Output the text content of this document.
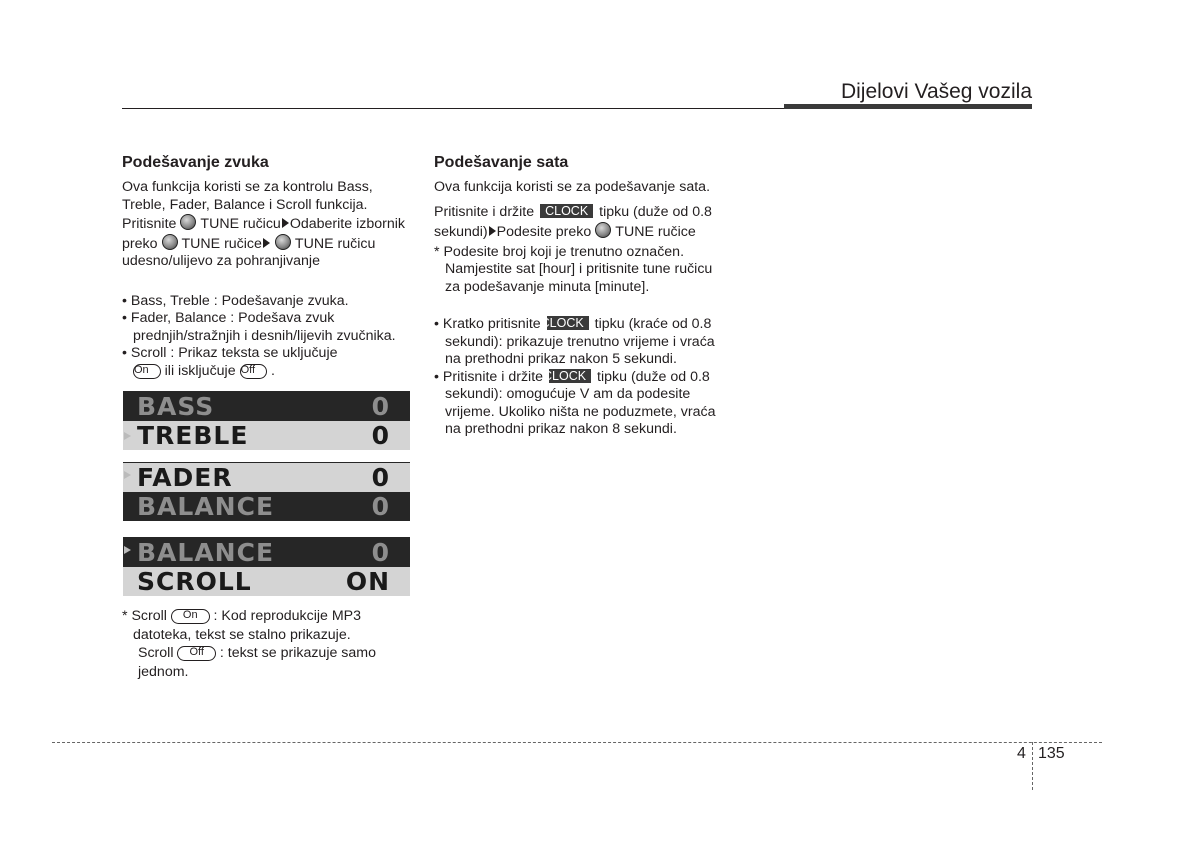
Dijelovi Vašeg vozila
Podešavanje zvuka

Ova funkcija koristi se za kontrolu Bass, Treble, Fader, Balance i Scroll funkcija.

Pritisnite TUNE ručicu Odaberite izbornik preko TUNE ručice TUNE ručicu udesno/ulijevo za pohranjivanje

• Bass, Treble : Podešavanje zvuka.

• Fader, Balance : Podešava zvuk prednjih/stražnjih i desnih/lijevih zvučnika.

• Scroll : Prikaz teksta se uključuje
On ili isključuje Off .

BASS	0
TREBLE	0
FADER	0
BALANCE	0
BALANCE	0
SCROLL	ON

* Scroll On : Kod reprodukcije MP3

datoteka, tekst se stalno prikazuje.

Scroll Off : tekst se prikazuje samo

jednom.

Podešavanje sata

Ova funkcija koristi se za podešavanje sata.

Pritisnite i držite CLOCK tipku (duže od 0.8 sekundi) Podesite preko TUNE ručice

* Podesite broj koji je trenutno označen. Namjestite sat [hour] i pritisnite tune ručicu za podešavanje minuta [minute].

• Kratko pritisnite CLOCK tipku (kraće od 0.8 sekundi): prikazuje trenutno vrijeme i vraća na prethodni prikaz nakon 5 sekundi.

• Pritisnite i držite CLOCK tipku (duže od 0.8 sekundi): omogućuje V am da podesite vrijeme. Ukoliko ništa ne poduzmete, vraća na prethodni prikaz nakon 8 sekundi.

4 135
